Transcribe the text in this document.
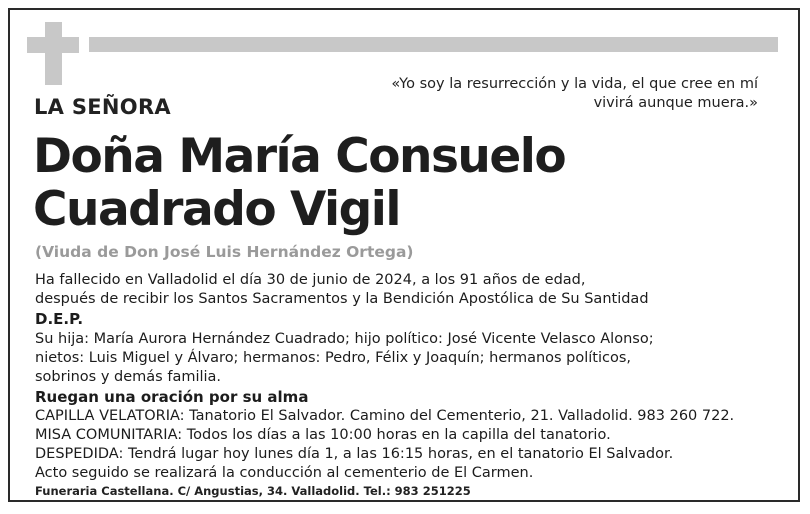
«Yo soy la resurrección y la vida, el que cree en mí
vivirá aunque muera.»
LA SEÑORA
Doña María Consuelo
Cuadrado Vigil
(Viuda de Don José Luis Hernández Ortega)
Ha fallecido en Valladolid el día 30 de junio de 2024, a los 91 años de edad,
después de recibir los Santos Sacramentos y la Bendición Apostólica de Su Santidad
D.E.P.
Su hija: María Aurora Hernández Cuadrado; hijo político: José Vicente Velasco Alonso;
nietos: Luis Miguel y Álvaro; hermanos: Pedro, Félix y Joaquín; hermanos políticos,
sobrinos y demás familia.
Ruegan una oración por su alma
CAPILLA VELATORIA: Tanatorio El Salvador. Camino del Cementerio, 21. Valladolid. 983 260 722.
MISA COMUNITARIA: Todos los días a las 10:00 horas en la capilla del tanatorio.
DESPEDIDA: Tendrá lugar hoy lunes día 1, a las 16:15 horas, en el tanatorio El Salvador.
Acto seguido se realizará la conducción al cementerio de El Carmen.
Funeraria Castellana. C/ Angustias, 34. Valladolid. Tel.: 983 251225
